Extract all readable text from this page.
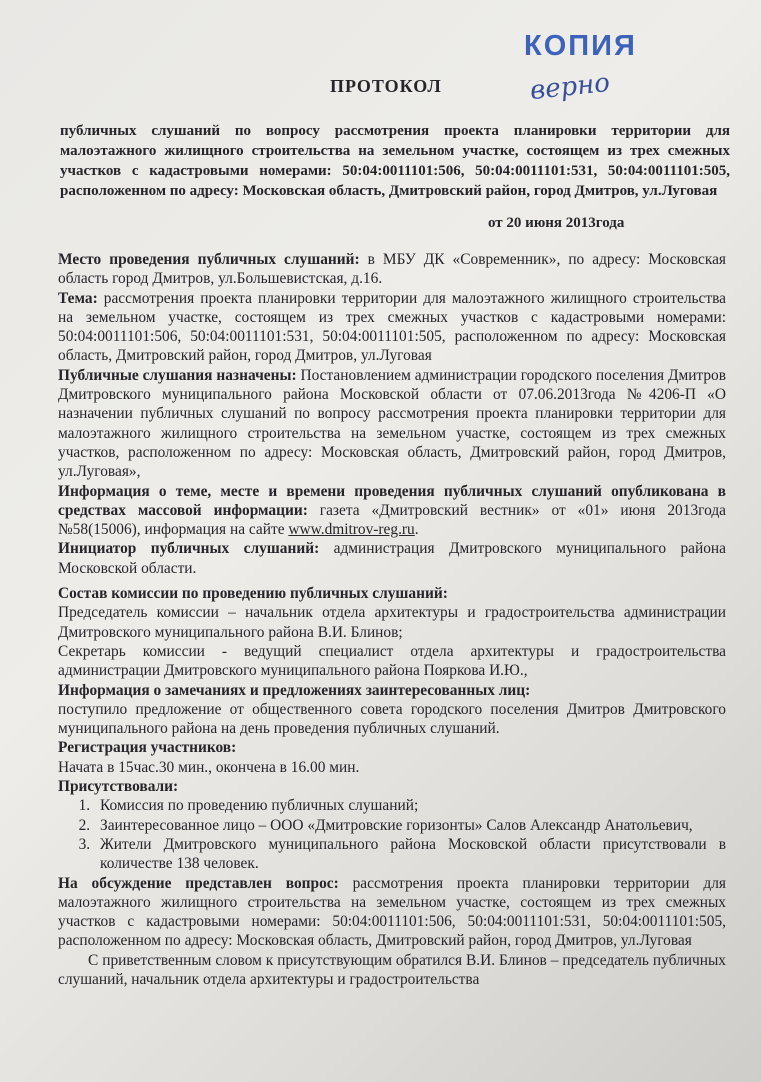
КОПИЯ
верно
ПРОТОКОЛ

публичных слушаний по вопросу рассмотрения проекта планировки территории для малоэтажного жилищного строительства на земельном участке, состоящем из трех смежных участков с кадастровыми номерами: 50:04:0011101:506, 50:04:0011101:531, 50:04:0011101:505, расположенном по адресу: Московская область, Дмитровский район, город Дмитров, ул.Луговая

от 20 июня 2013года

Место проведения публичных слушаний: в МБУ ДК «Современник», по адресу: Московская область город Дмитров, ул.Большевистская, д.16.

Тема: рассмотрения проекта планировки территории для малоэтажного жилищного строительства на земельном участке, состоящем из трех смежных участков с кадастровыми номерами: 50:04:0011101:506, 50:04:0011101:531, 50:04:0011101:505, расположенном по адресу: Московская область, Дмитровский район, город Дмитров, ул.Луговая

Публичные слушания назначены: Постановлением администрации городского поселения Дмитров Дмитровского муниципального района Московской области от 07.06.2013года №4206-П «О назначении публичных слушаний по вопросу рассмотрения проекта планировки территории для малоэтажного жилищного строительства на земельном участке, состоящем из трех смежных участков, расположенном по адресу: Московская область, Дмитровский район, город Дмитров, ул.Луговая»,

Информация о теме, месте и времени проведения публичных слушаний опубликована в средствах массовой информации: газета «Дмитровский вестник» от «01» июня 2013года №58(15006), информация на сайте www.dmitrov-reg.ru.

Инициатор публичных слушаний: администрация Дмитровского муниципального района Московской области.

Состав комиссии по проведению публичных слушаний:

Председатель комиссии – начальник отдела архитектуры и градостроительства администрации Дмитровского муниципального района В.И. Блинов;

Секретарь комиссии - ведущий специалист отдела архитектуры и градостроительства администрации Дмитровского муниципального района Пояркова И.Ю.,

Информация о замечаниях и предложениях заинтересованных лиц:

поступило предложение от общественного совета городского поселения Дмитров Дмитровского муниципального района на день проведения публичных слушаний.

Регистрация участников:

Начата в 15час.30 мин., окончена в 16.00 мин.

Присутствовали:

1. Комиссия по проведению публичных слушаний;
2. Заинтересованное лицо – ООО «Дмитровские горизонты» Салов Александр Анатольевич,
3. Жители Дмитровского муниципального района Московской области присутствовали в количестве 138 человек.

На обсуждение представлен вопрос: рассмотрения проекта планировки территории для малоэтажного жилищного строительства на земельном участке, состоящем из трех смежных участков с кадастровыми номерами: 50:04:0011101:506, 50:04:0011101:531, 50:04:0011101:505, расположенном по адресу: Московская область, Дмитровский район, город Дмитров, ул.Луговая

С приветственным словом к присутствующим обратился В.И. Блинов – председатель публичных слушаний, начальник отдела архитектуры и градостроительства
